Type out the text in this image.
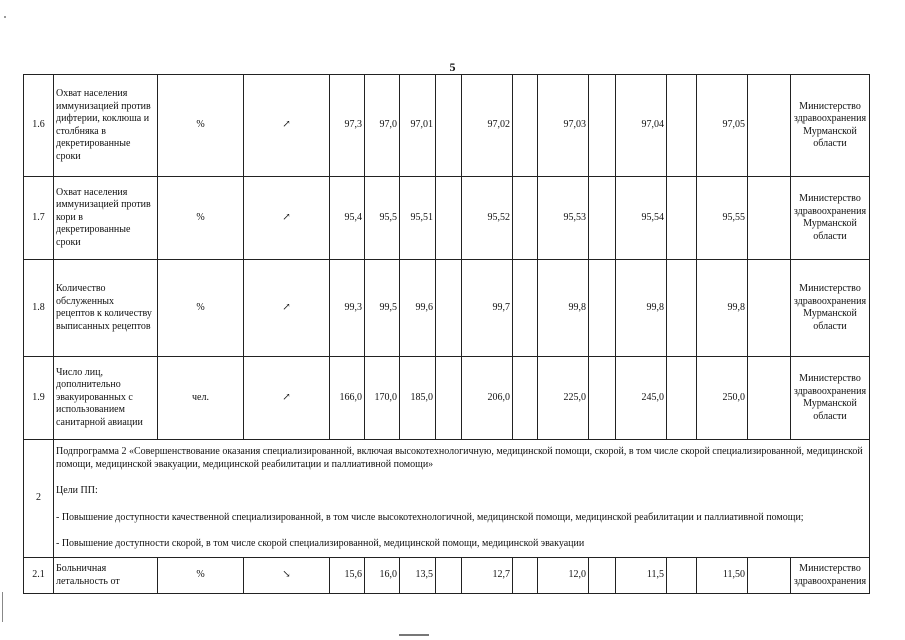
5
1.6	Охват населения иммунизацией против дифтерии, коклюша и столбняка в декретированные сроки	%	↗	97,3	97,0	97,01		97,02		97,03		97,04		97,05		Министерство здравоохранения Мурманской области
1.7	Охват населения иммунизацией против кори в декретированные сроки	%	↗	95,4	95,5	95,51		95,52		95,53		95,54		95,55		Министерство здравоохранения Мурманской области
1.8	Количество обслуженных рецептов к количеству выписанных рецептов	%	↗	99,3	99,5	99,6		99,7		99,8		99,8		99,8		Министерство здравоохранения Мурманской области
1.9	Число лиц, дополнительно эвакуированных с использованием санитарной авиации	чел.	↗	166,0	170,0	185,0		206,0		225,0		245,0		250,0		Министерство здравоохранения Мурманской области
2	Подпрограмма 2 «Совершенствование оказания специализированной, включая высокотехнологичную, медицинской помощи, скорой, в том числе скорой специализированной, медицинской помощи, медицинской эвакуации, медицинской реабилитации и паллиативной помощи»
Цели ПП:
- Повышение доступности качественной специализированной, в том числе высокотехнологичной, медицинской помощи, медицинской реабилитации и паллиативной помощи;
- Повышение доступности скорой, в том числе скорой специализированной, медицинской помощи, медицинской эвакуации															

2.1	Больничная летальность от	%	↘	15,6	16,0	13,5		12,7		12,0		11,5		11,50		Министерство здравоохранения
